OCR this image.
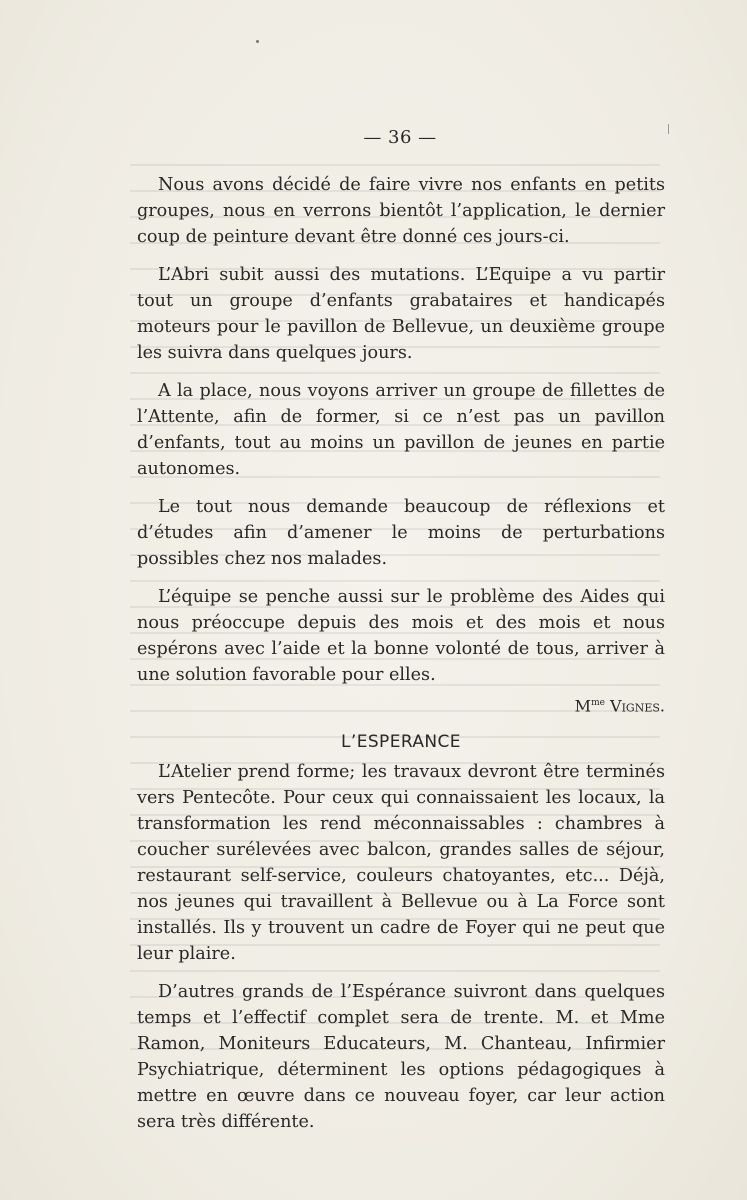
— 36 —

Nous avons décidé de faire vivre nos enfants en petits groupes, nous en verrons bientôt l’application, le dernier coup de peinture devant être donné ces jours-ci.

L’Abri subit aussi des mutations. L’Equipe a vu partir tout un groupe d’enfants grabataires et handicapés moteurs pour le pavillon de Bellevue, un deuxième groupe les suivra dans quelques jours.

A la place, nous voyons arriver un groupe de fillettes de l’Attente, afin de former, si ce n’est pas un pavillon d’enfants, tout au moins un pavillon de jeunes en partie autonomes.

Le tout nous demande beaucoup de réflexions et d’études afin d’amener le moins de perturbations possibles chez nos malades.

L’équipe se penche aussi sur le problème des Aides qui nous préoccupe depuis des mois et des mois et nous espérons avec l’aide et la bonne volonté de tous, arriver à une solution favorable pour elles.

$M^{me}$ Vignes.
L’ESPERANCE

L’Atelier prend forme; les travaux devront être terminés vers Pentecôte. Pour ceux qui connaissaient les locaux, la transformation les rend méconnaissables : chambres à coucher surélevées avec balcon, grandes salles de séjour, restaurant self-service, couleurs chatoyantes, etc... Déjà, nos jeunes qui travaillent à Bellevue ou à La Force sont installés. Ils y trouvent un cadre de Foyer qui ne peut que leur plaire.

D’autres grands de l’Espérance suivront dans quelques temps et l’effectif complet sera de trente. M. et Mme Ramon, Moniteurs Educateurs, M. Chanteau, Infirmier Psychiatrique, déterminent les options pédagogiques à mettre en œuvre dans ce nouveau foyer, car leur action sera très différente.
